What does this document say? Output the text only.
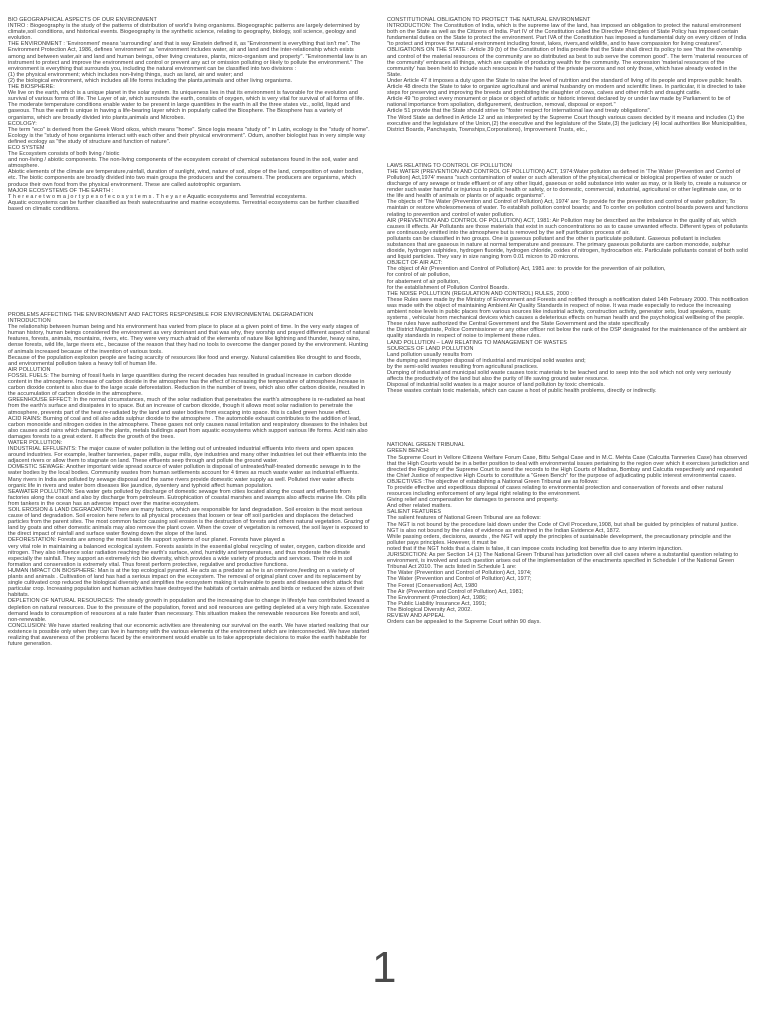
BIO GEOGRAPHICAL ASPECTS OF OUR ENVIRONMENT

INTRO : Biogeography is the study of the patterns of distribution of world's living organisms. Biogeographic patterns are largely determined by climate,soil conditions, and historical events. Biogeography is the synthetic science, relating to geography, biology, soil science, geology and evolution.

THE ENVIRONMENT : 'Environment' means 'surrounding' and that is way Einstein defined it, as "Environment is everything that isn't me". The Environment Protection Act, 1986, defines 'environment' as "environment includes water, air and land and the inter-relationship which exists among and between water,air and land and human beings, other living creatures, plants, micro-organism and property". "Environmental law is an instrument to protect and improve the environment and control or prevent any act or omission polluting or likely to pollute the environment." The environment is everything that surrounds you, including the natural environment can be classified into two divisions :

(1) the physical environment; which includes non-living things, such as land, air and water; and

(2) the biological environment, which includes all life forms including the plants,animals and other living organisms.

THE BIOSPHERE:

We live on the earth, which is a unique planet in the solar system. Its uniqueness lies in that its environment is favorable for the evolution and survival of various forms of life. The Layer of air, which surrounds the earth, consists of oxygen, which is very vital for survival of all forms of life. The moderate temperature conditions enable water to be present in large quantities in the earth in all the three states viz., solid, liquid and gaseous. Thus the earth is unique in having a life-bearing layer which in popularly called the Biosphere. The Biosphere has a variety of organisms, which are broadly divided into plants,animals and Microbes.

ECOLOGY:

The term "eco" is derived from the Greek Word oikos, which means "home". Since logia means "study of " in Latin, ecology is the "study of home". Ecology is the "study of how organisms interact with each other and their physical environment". Odum, another biologist has in very simple way defined ecology as "the study of structure and function of nature".

ECO SYSTEM

The Ecosystem consists of both living / biotic

and non-living / abiotic components. The non-living components of the ecosystem consist of chemical substances found in the soil, water and atmosphere.

Abiotic elements of the climate are temperature,rainfall, duration of sunlight, wind, nature of soil, slope of the land, composition of water bodies, etc. The biotic components are broadly divided into two main groups the producers and the consumers. The producers are organisms, which produce their own food from the physical environment. These are called autotrophic organism.

MAJOR ECOSYSTEMS OF THE EARTH :

T h e r e a r e t w o m a j o r t y p e s o f e c o s y s t e m s . T h e y a r e Aquatic ecosystems and Terrestrial ecosystems.

Aquatic ecosystems can be further classified as fresh watecrstuarine and marine ecosystems. Terrestrial ecosystems can be further classified based on climatic conditions.

PROBLEMS AFFECTING THE ENVIRONMENT AND FACTORS RESPONSIBLE FOR ENVIRONMENTAL DEGRADATION

INTRODUCTION

The relationship between human being and his environment has varied from place to place at a given point of time. In the very early stages of human history, human beings considered the environment as very dominant and that was why, they worship and prayed different aspect of natural features, forests, animals, mountains, rivers, etc. They were very much afraid of the elements of nature like lightning and thunder, heavy rains, dense forests, wild life, large rivers etc., because of the reason that they had no tools to overcome the danger posed by the environment. Hunting of animals increased because of the invention of various tools.

Because of the population explosion people are facing scarcity of resources like food and energy. Natural calamities like drought to and floods, and environmental pollution takes a heavy toll of human life.

AIR POLLUTION

FOSSIL FUELS: The burning of fossil fuels in large quantities during the recent decades has resulted in gradual increase in carbon dioxide content in the atmosphere. Increase of carbon dioxide in the atmosphere has the effect of increasing the temperature of atmosphere.Increase in carbon dioxide content is also due to the large scale deforestation. Reduction in the number of trees, which also offer carbon dioxide, resulted in the accumulation of carbon dioxide in the atmosphere.

GREENHOUSE EFFECT: In the normal circumstances, much of the solar radiation that penetrates the earth's atmosphere is re-radiated as heat from the earth's surface and dissipates in to space. But an increase of carbon dioxide, though it allows most solar radiation to penetrate the atmosphere, prevents part of the heat re-radiated by the land and water bodies from escaping into space. this is called green house effect.

ACID RAINS: Burning of coal and oil also adds sulphur dioxide to the atmosphere . The automobile exhaust contributes to the addition of lead, carbon monoxide and nitrogen oxides in the atmosphere. These gases not only causes nasal irritation and respiratory diseases to the inhales but also causes acid rains which damages the plants, metals buildings apart from aquatic ecosystems which support various life forms. Acid rain also damages forests to a great extent. It affects the growth of the trees.

WATER POLLUTION:

INDUSTRIAL EFFLUENTS: The major cause of water pollution is the letting out of untreated industrial effluents into rivers and open spaces around industries. For example, leather tanneries, paper mills, sugar mills, dye industries and many other industries let out their effluents into the adjacent rivers or allow them to stagnate on land. These effluents seep through and pollute the ground water.

DOMESTIC SEWAGE: Another important wide spread source of water pollution is disposal of untreated/half-treated domestic sewage in to the water bodies by the local bodies. Community wastes from human settlements account for 4 times as much waste water as industrial effluents. Many rivers in India are polluted by sewage disposal and the same rivers provide domestic water supply as well. Polluted river water affects organic life in rivers and water born diseases like jaundice, dysentery and typhoid affect human population.

SEAWATER POLLUTION: Sea water gets polluted by discharge of domestic sewage from cities located along the coast and effluents from factories along the coast and also by discharge from petroleum. Eutrophication of coastal marshes and swamps also affects marine life. Oils pills from tankers in the ocean has an adverse impact over the marine ecosystem.

SOIL EROSION & LAND DEGRADATION: There are many factors, which are responsible for land degradation. Soil erosion is the most serious cause of land degradation. Soil erosion here refers to all physical processes that loosen or tear off soil particles and displaces the detached particles from the parent sites. The most common factor causing soil erosion is the destruction of forests and others natural vegetation. Grazing of land by goats and other domestic animals may also remove the plant cover. When the cover of vegetation is removed, the soil layer is exposed to the direct impact of rainfall and surface water flowing down the slope of the land.

DEFORESTATION: Forests are among the most basic life support systems of our planet. Forests have played a

very vital role in maintaining a balanced ecological system. Forests assists in the essential global recycling of water, oxygen, carbon dioxide and nitrogen. They also influence solar radiation reaching the earth's surface, wind, humidity and temperatures, and thus moderate the climate especially the rainfall. They support an extremely rich bio diversity, which provides a wide variety of products and services. Their role in soil formation and conservation is extremely vital. Thus forest perform protective, regulative and productive functions.

HUMAN IMPACT ON BIOSPHERE: Man is at the top ecological pyramid. He acts as a predator as he is an omnivore,feeding on a variety of plants and animals . Cultivation of land has had a serious impact on the ecosystem. The removal of original plant cover and its replacement by single cultivated crop reduced the biological diversity and simplifies the ecosystem making it vulnerable to pests and diseases which attack that particular crop. Increasing population and human activities have destroyed the habitats of certain animals and birds or reduced the sizes of their habitats.

DEPLETION OF NATURAL RESOURCES: The steady growth in population and the increasing due to change in lifestyle has contributed toward a depletion on natural resources. Due to the pressure of the population, forest and soil resources are getting depleted at a very high rate. Excessive demand leads to consumption of resources at a rate faster than necessary. This situation makes the renewable resources like forests and soil, non-renewable.

CONCLUSION: We have started realizing that our economic activities are threatening our survival on the earth. We have started realizing that our existence is possible only when they can live in harmony with the various elements of the environment which are interconnected. We have started realizing that awareness of the problems faced by the environment would enable us to take appropriate decisions to make the earth habitable for future generation.

CONSTITUTIONAL OBLIGATION TO PROTECT THE NATURAL ENVIRONMENT

INTRODUCTION: The Constitution of India, which is the supreme law of the land, has imposed an obligation to protect the natural environment both on the State as well as the Citizens of India. Part IV of the Constitution called the Directive Principles of State Policy has imposed certain fundamental duties on the State to protect the environment. Part IVA of the Constitution has imposed a fundamental duty on every citizen of India "to protect and improve the natural environment including forest, lakes, rivers,and wildlife, and to have compassion for living creatures".

OBLIGATIONS ON THE STATE : Article 39 (b) of the Constitution of India provide that the State shall direct its policy to see "that the ownership and control of the material resources of the community are so distributed as best to sub serve the common good". The term 'material resources of the community' embraces all things, which are capable of producing wealth for the community. The expression 'material resources of the community' has been held to include such resources in the hands of the private persons and not only those, which have already vested in the State.

Under Article 47 it imposes a duty upon the State to raise the level of nutrition and the standard of living of its people and improve public health.

Article 48 directs the State to take to organize agricultural and animal husbandry on modern and scientific lines. In particular, it is directed to take steps for preserving and improving the breeds and prohibiting the slaughter of cows, calves and other milch and draught cattle.

Article 49 "to protect every monument or place or object of artistic or historic interest declared by or under law made by Parliament to be of national importance from spoliation, disfigurement, destruction, removal, disposal or export."

Article 51 provide that the State should strive to "foster respect for international law and treaty obligations".

The Word State as defined in Article 12 and as interpreted by the Supreme Court though various cases decided by it means and includes (1) the executive and the legislature of the Union,(2) the executive and the legislature of the State,(3) the judiciary (4) local authorities like Municipalities, District Boards, Panchayats, Townships,Corporations), Improvement Trusts, etc.,

LAWS RELATING TO CONTROL OF POLLUTION

THE WATER (PREVENTION AND CONTROL OF POLLUTION) ACT, 1974:Water pollution as defined in 'The Water (Prevention and Control of Pollution) Act,1974' means "such contamination of water or such alteration of the physical,chemical or biological properties of water or such discharge of any sewage or trade effluent or of any other liquid, gaseous or solid substance into water as may, or is likely to, create a nuisance or render such water harmful or injurious to public health or safety, or to domestic, commercial, industrial, agricultural or other legitimate use, or to the life and health of animals or plants or of aquatic organisms".

The objects of 'The Water (Prevention and Control of Pollution) Act, 1974' are: To provide for the prevention and control of water pollution; To maintain or restore wholesomeness of water. To establish pollution control boards; and To confer on pollution control boards powers and functions relating to prevention and control of water pollution.

AIR (PREVENTION AND CONTROL OF POLLUTION) ACT, 1981: Air Pollution may be described as the imbalance in the quality of air, which causes ill effects. Air Pollutants are those materials that exist in such concentrations so as to cause unwanted effects. Different types of pollutants are continuously emitted into the atmosphere but is removed by the self purification process of air.

pollutants can be classified in two groups. One is gaseous pollutant and the other is particulate pollutant. Gaseous pollutant is includes substances that are gaseous in nature at normal temperature and pressure. The primary gaseous pollutants are carbon monoxide, sulphur dioxide, hydrogen sulphides, hydrogen fluoride, hydrogen chloride, oxides of nitrogen, hydrocarbon etc. Particulate pollutants consist of both solid and liquid particles. They vary in size ranging from 0.01 micron to 20 microns.

OBJECT OF AIR ACT:

The object of Air (Prevention and Control of Pollution) Act, 1981 are: to provide for the prevention of air pollution,

for control of air pollution,

for abatement of air pollution,

for the establishment of Pollution Control Boards.

THE NOISE POLLUTION (REGULATION AND CONTROL) RULES, 2000 :

These Rules were made by the Ministry of Environment and Forests and notified through a notification dated 14th February 2000. This notification was made with the object of maintaining Ambient Air Quality Standards in respect of noise. It was made especially to reduce the increasing ambient noise levels in public places from various sources like industrial activity, construction activity, generator sets, loud speakers, music systems , vehicular horn mechanical devices which causes a deleterious effects on human health and the psychological wellbeing of the people. These rules have authorized the Central Government and the State Government and the state specifically

the District Magistrate, Police Commissioner or any other officer not below the rank of the DSP designated for the maintenance of the ambient air quality standards in respect of noise to implement these rules.

LAND POLLUTION – LAW RELATING TO MANAGEMENT OF WASTES

SOURCES OF LAND POLLUTION

Land pollution usually results from

the dumping and improper disposal of industrial and municipal solid wastes and;

by the semi-solid wastes resulting from agricultural practices.

Dumping of industrial and municipal solid waste causes toxic materials to be leached and to seep into the soil which not only very seriously affects the productivity of the land but also the purity of life saving ground water resource.

Disposal of industrial solid wastes is a major source of land pollution by toxic chemicals.

These wastes contain toxic materials, which can cause a host of public health problems, directly or indirectly.

NATIONAL GREEN TRIBUNAL

GREEN BENCH:

The Supreme Court in Vellore Citizens Welfare Forum Case, Bittu Sehgal Case and in M.C. Mehta Case (Calcutta Tanneries Case) has observed that the High Courts would be in a better position to deal with environmental issues pertaining to the region over which it exercises jurisdiction and directed the Registry of the Supreme Court to send the records to the High Courts of Madras, Bombay and Calcutta respectively and requested the Chief Justice of respective High Courts to constitute a "Green Bench" for the purpose of adjudicating public interest environmental cases.

OBJECTIVES :The objective of establishing a National Green Tribunal are as follows:

To provide effective and expeditious disposal of cases relating to environmental protection and conservation of forests and other natural resources including enforcement of any legal right relating to the environment.

Giving relief and compensation for damages to persons and property.

And other related matters.

SALIENT FEATURES

The salient features of National Green Tribunal are as follows:

The NGT is not bound by the procedure laid down under the Code of Civil Procedure,1908, but shall be guided by principles of natural justice.

NGT is also not bound by the rules of evidence as enshrined in the Indian Evidence Act, 1872.

While passing orders, decisions, awards , the NGT will apply the principles of sustainable development, the precautionary principle and the polluter pays principles. However, it must be

noted that if the NGT holds that a claim is false, it can impose costs including lost benefits due to any interim injunction.

JURISDICTION: As per Section 14 (1) The National Green Tribunal has jurisdiction over all civil cases where a substantial question relating to environment, is involved and such question arises out of the implementation of the enactments specified in Schedule I of the National Green Tribunal Act 2010. The acts listed in Schedule 1 are:

The Water (Prevention and Control of Pollution) Act, 1974;

The Water (Prevention and Control of Pollution) Act, 1977;

The Forest (Conservation) Act, 1980

The Air (Prevention and Control of Pollution) Act, 1981;

The Environment (Protection) Act, 1986;

The Public Liability Insurance Act, 1991;

The Biological Diversity Act, 2002.

REVIEW AND APPEAL

Orders can be appealed to the Supreme Court within 90 days.

1
